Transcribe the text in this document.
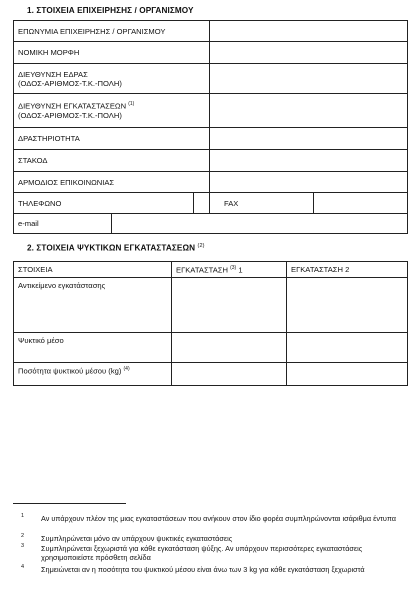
1. ΣΤΟΙΧΕΙΑ ΕΠΙΧΕΙΡΗΣΗΣ / ΟΡΓΑΝΙΣΜΟΥ
ΕΠΩΝΥΜΙΑ ΕΠΙΧΕΙΡΗΣΗΣ / ΟΡΓΑΝΙΣΜΟΥ				
ΝΟΜΙΚΗ ΜΟΡΦΗ				
ΔΙΕΥΘΥΝΣΗ ΕΔΡΑΣ
(ΟΔΟΣ-ΑΡΙΘΜΟΣ-Τ.Κ.-ΠΟΛΗ)				
ΔΙΕΥΘΥΝΣΗ ΕΓΚΑΤΑΣΤΑΣΕΩΝ $^{(1)}$
(ΟΔΟΣ-ΑΡΙΘΜΟΣ-Τ.Κ.-ΠΟΛΗ)				
ΔΡΑΣΤΗΡΙΟΤΗΤΑ				
ΣΤΑΚΟΔ				
ΑΡΜΟΔΙΟΣ ΕΠΙΚΟΙΝΩΝΙΑΣ				
ΤΗΛΕΦΩΝΟ			FAX	
e-mail				
2. ΣΤΟΙΧΕΙΑ ΨΥΚΤΙΚΩΝ ΕΓΚΑΤΑΣΤΑΣΕΩΝ $^{(2)}$
ΣΤΟΙΧΕΙΑ	ΕΓΚΑΤΑΣΤΑΣΗ $^{(3)}$ 1	ΕΓΚΑΤΑΣΤΑΣΗ 2
Αντικείμενο εγκατάστασης		
Ψυκτικό μέσο		
Ποσότητα ψυκτικού μέσου (kg) $^{(4)}$		
1 Αν υπάρχουν πλέον της μιας εγκαταστάσεων που ανήκουν στον ίδιο φορέα συμπληρώνονται ισάριθμα έντυπα
2 Συμπληρώνεται μόνο αν υπάρχουν ψυκτικές εγκαταστάσεις
3 Συμπληρώνεται ξεχωριστά για κάθε εγκατάσταση ψύξης. Αν υπάρχουν περισσότερες εγκαταστάσεις χρησιμοποιείστε πρόσθετη σελίδα
4 Σημειώνεται αν η ποσότητα του ψυκτικού μέσου είναι άνω των 3 kg για κάθε εγκατάσταση ξεχωριστά
